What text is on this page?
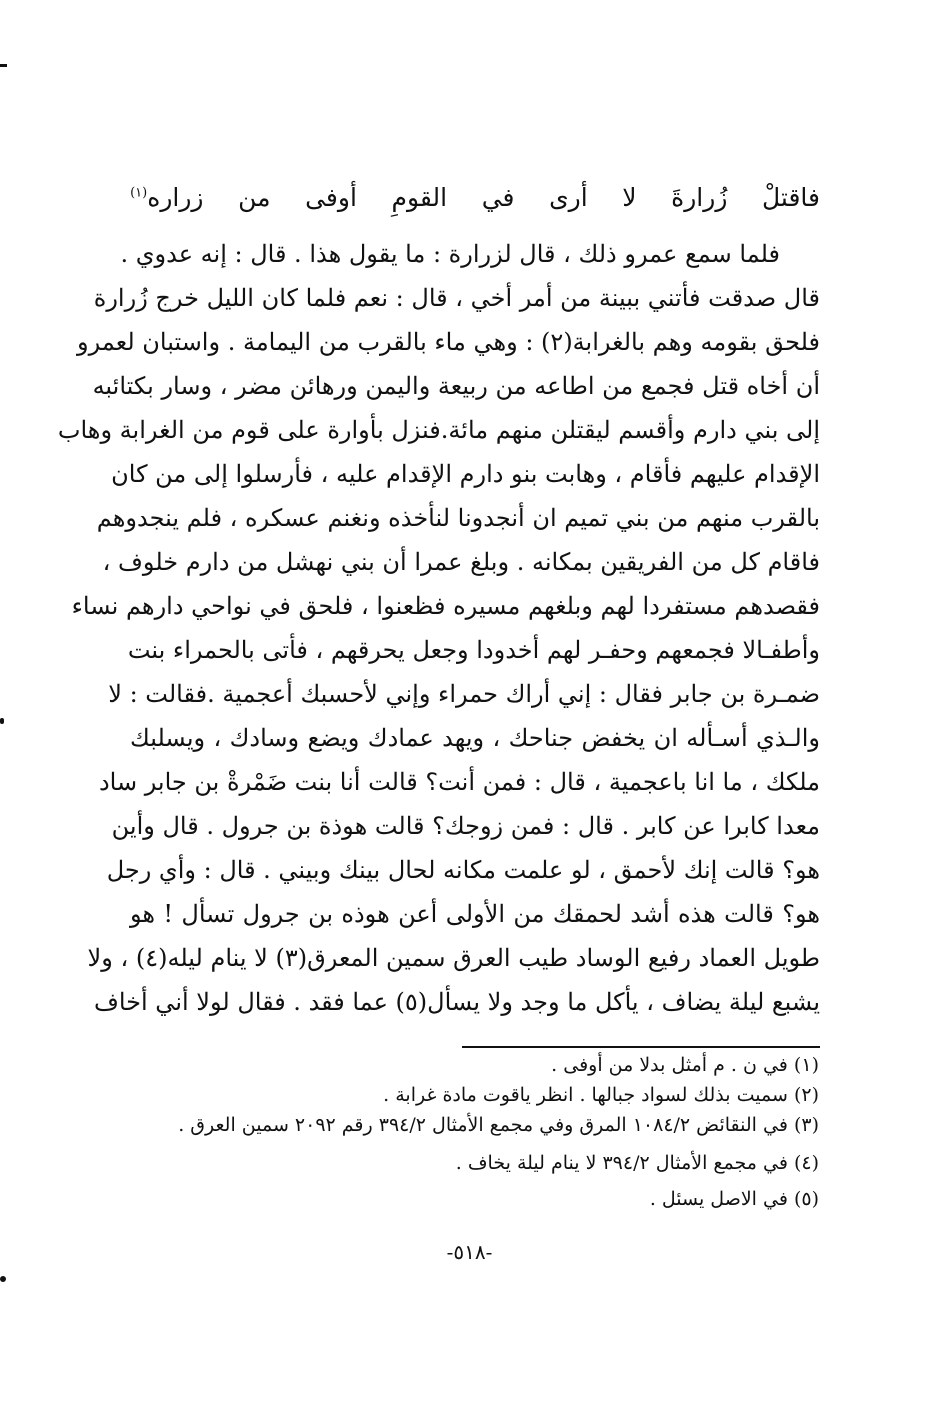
فاقتلْ
زُرارةَ
لا
أرى
في
القومِ
أوفى
من
زراره$^{(١)}$
فلما سمع عمرو ذلك ، قال لزرارة : ما يقول هذا . قال : إنه عدوي .
قال صدقت فأتني ببينة من أمر أخي ، قال : نعم فلما كان الليل خرج زُرارة
فلحق بقومه وهم بالغرابة(٢) : وهي ماء بالقرب من اليمامة . واستبان لعمرو
أن أخاه قتل فجمع من اطاعه من ربيعة واليمن ورهائن مضر ، وسار بكتائبه
إلى بني دارم وأقسم ليقتلن منهم مائة.فنزل بأوارة على قوم من الغرابة وهاب
الإقدام عليهم فأقام ، وهابت بنو دارم الإقدام عليه ، فأرسلوا إلى من كان
بالقرب منهم من بني تميم ان أنجدونا لنأخذه ونغنم عسكره ، فلم ينجدوهم
فاقام كل من الفريقين بمكانه . وبلغ عمرا أن بني نهشل من دارم خلوف ،
فقصدهم مستفردا لهم وبلغهم مسيره فظعنوا ، فلحق في نواحي دارهم نساء
وأطفـالا فجمعهم وحفـر لهم أخدودا وجعل يحرقهم ، فأتى بالحمراء بنت
ضمـرة بن جابر فقال : إني أراك حمراء وإني لأحسبك أعجمية .فقالت : لا
والـذي أسـأله ان يخفض جناحك ، ويهد عمادك ويضع وسادك ، ويسلبك
ملكك ، ما انا باعجمية ، قال : فمن أنت؟ قالت أنا بنت ضَمْرةْ بن جابر ساد
معدا كابرا عن كابر . قال : فمن زوجك؟ قالت هوذة بن جرول . قال وأين
هو؟ قالت إنك لأحمق ، لو علمت مكانه لحال بينك وبيني . قال : وأي رجل
هو؟ قالت هذه أشد لحمقك من الأولى أعن هوذه بن جرول تسأل ! هو
طويل العماد رفيع الوساد طيب العرق سمين المعرق(٣) لا ينام ليله(٤) ، ولا
يشبع ليلة يضاف ، يأكل ما وجد ولا يسأل(٥) عما فقد . فقال لولا أني أخاف
(١) في ن . م أمثل بدلا من أوفى .
(٢) سميت بذلك لسواد جبالها . انظر ياقوت مادة غرابة .
(٣) في النقائض ١٠٨٤/٢ المرق وفي مجمع الأمثال ٣٩٤/٢ رقم ٢٠٩٢ سمين العرق .
(٤) في مجمع الأمثال ٣٩٤/٢ لا ينام ليلة يخاف .
(٥) في الاصل يسئل .
-٥١٨-
